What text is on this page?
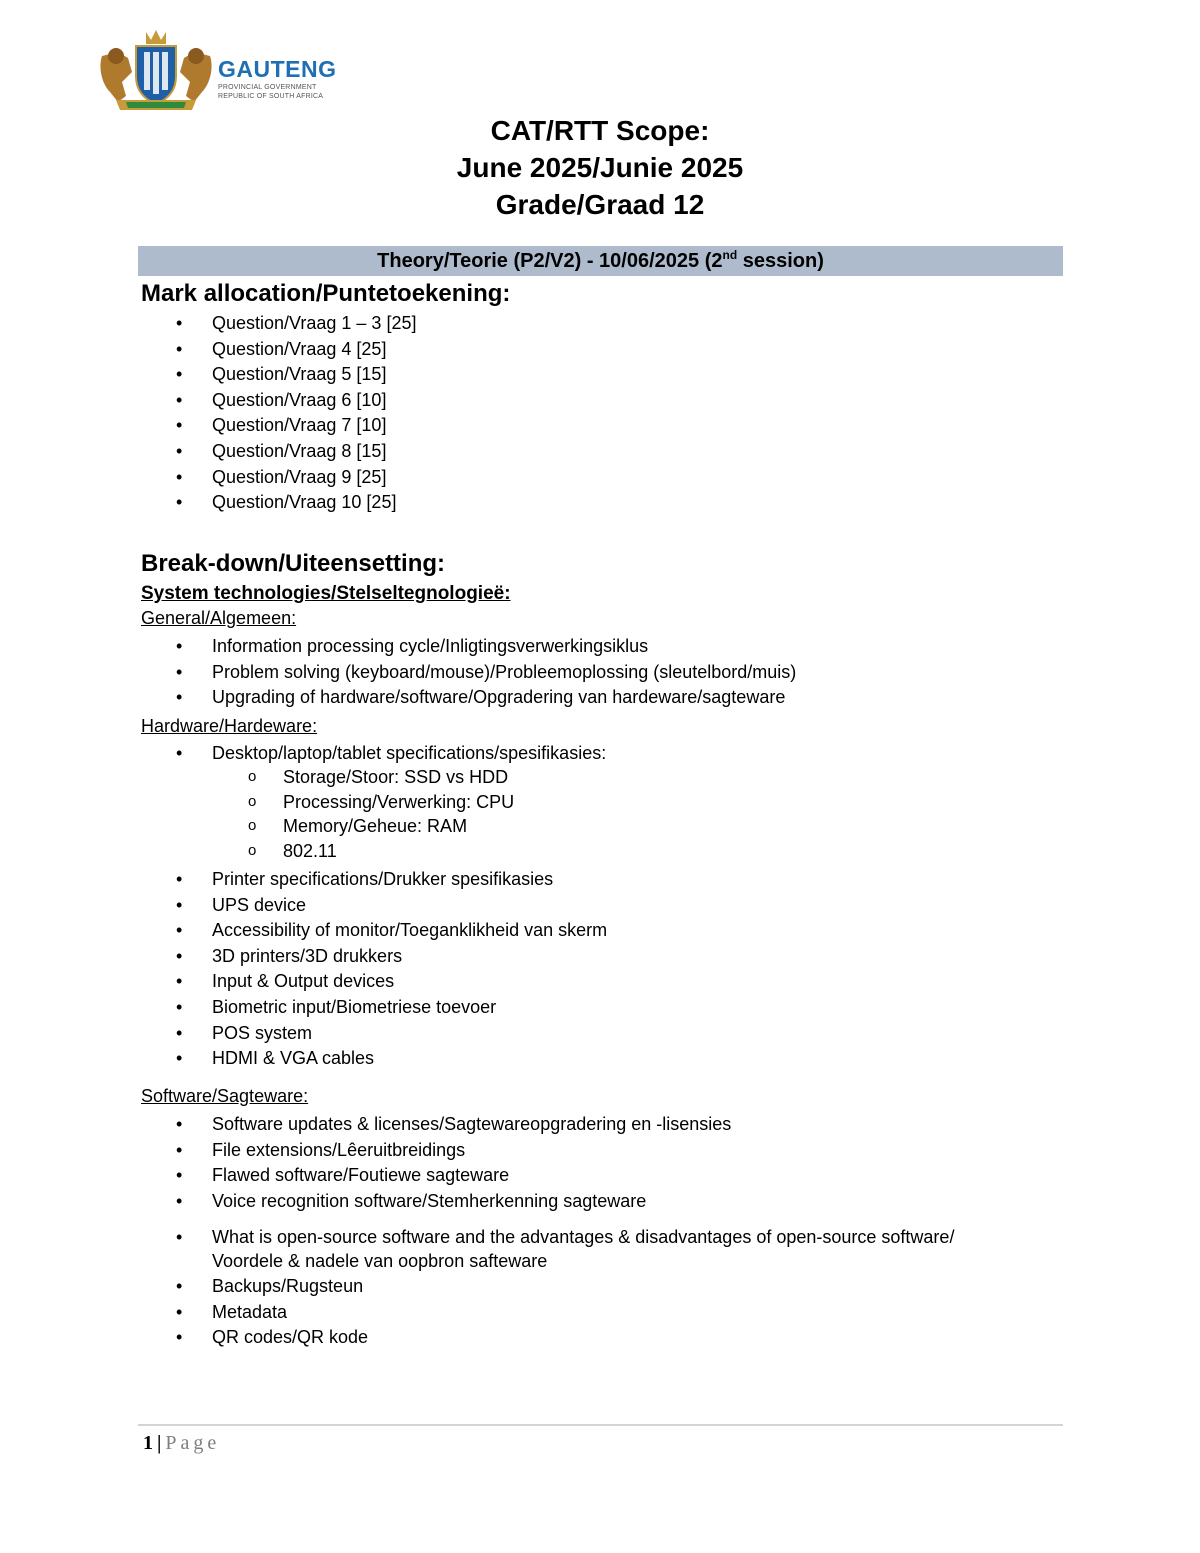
GAUTENG
PROVINCIAL GOVERNMENT
REPUBLIC OF SOUTH AFRICA
CAT/RTT Scope:
June 2025/Junie 2025
Grade/Graad 12
Theory/Teorie (P2/V2) - 10/06/2025 (2nd session)
Mark allocation/Puntetoekening:
• Question/Vraag 1 – 3 [25]
• Question/Vraag 4 [25]
• Question/Vraag 5 [15]
• Question/Vraag 6 [10]
• Question/Vraag 7 [10]
• Question/Vraag 8 [15]
• Question/Vraag 9 [25]
• Question/Vraag 10 [25]
Break-down/Uiteensetting:
System technologies/Stelseltegnologieë:
General/Algemeen:
• Information processing cycle/Inligtingsverwerkingsiklus
• Problem solving (keyboard/mouse)/Probleemoplossing (sleutelbord/muis)
• Upgrading of hardware/software/Opgradering van hardeware/sagteware
Hardware/Hardeware:
• Desktop/laptop/tablet specifications/spesifikasies:
o Storage/Stoor: SSD vs HDD
o Processing/Verwerking: CPU
o Memory/Geheue: RAM
o 802.11
• Printer specifications/Drukker spesifikasies
• UPS device
• Accessibility of monitor/Toeganklikheid van skerm
• 3D printers/3D drukkers
• Input & Output devices
• Biometric input/Biometriese toevoer
• POS system
• HDMI & VGA cables
Software/Sagteware:
• Software updates & licenses/Sagtewareopgradering en -lisensies
• File extensions/Lêeruitbreidings
• Flawed software/Foutiewe sagteware
• Voice recognition software/Stemherkenning sagteware
• What is open-source software and the advantages & disadvantages of open-source software/
Voordele & nadele van oopbron safteware
• Backups/Rugsteun
• Metadata
• QR codes/QR kode
1 | Page
